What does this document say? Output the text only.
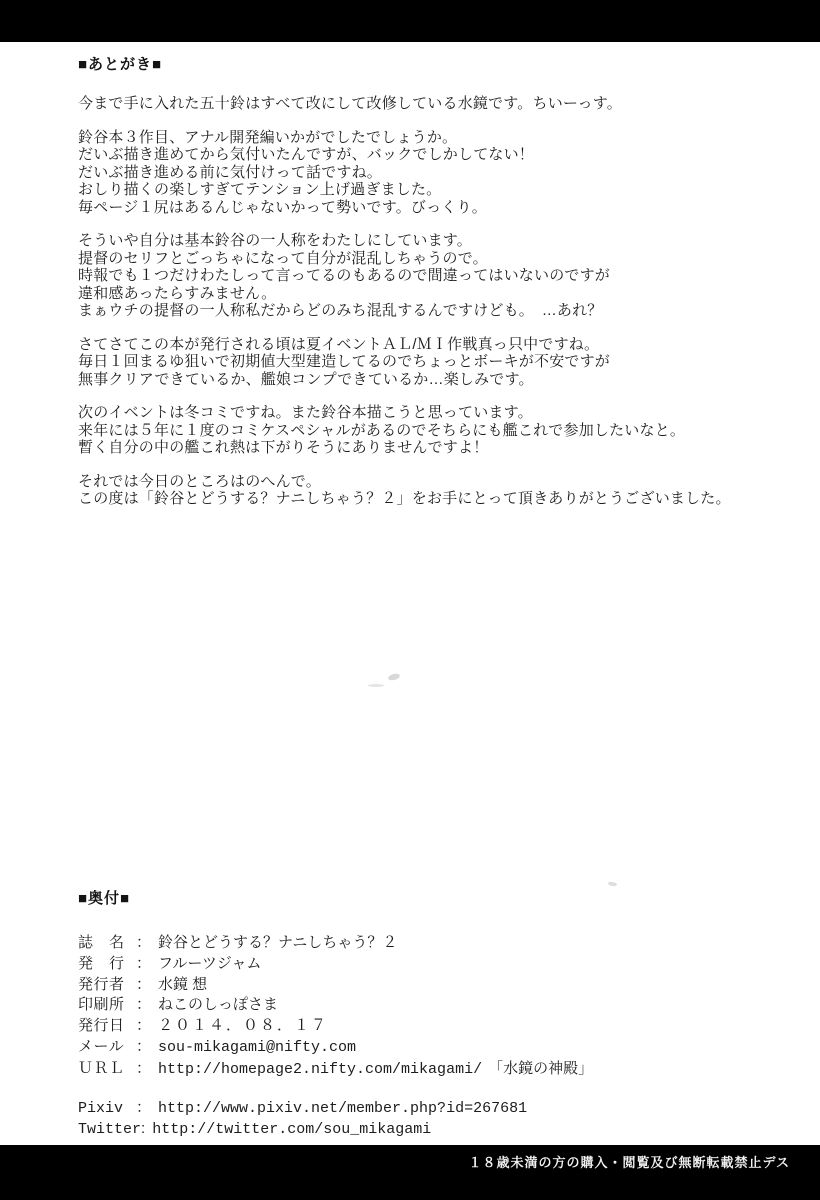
■あとがき■
今まで手に入れた五十鈴はすべて改にして改修している水鏡です。ちいーっす。
鈴谷本３作目、アナル開発編いかがでしたでしょうか。
だいぶ描き進めてから気付いたんですが、バックでしかしてない！
だいぶ描き進める前に気付けって話ですね。
おしり描くの楽しすぎてテンション上げ過ぎました。
毎ページ１尻はあるんじゃないかって勢いです。びっくり。
そういや自分は基本鈴谷の一人称をわたしにしています。
提督のセリフとごっちゃになって自分が混乱しちゃうので。
時報でも１つだけわたしって言ってるのもあるので間違ってはいないのですが
違和感あったらすみません。
まぁウチの提督の一人称私だからどのみち混乱するんですけども。　…あれ？
さてさてこの本が発行される頃は夏イベントＡＬ/ＭＩ作戦真っ只中ですね。
毎日１回まるゆ狙いで初期値大型建造してるのでちょっとボーキが不安ですが
無事クリアできているか、艦娘コンプできているか…楽しみです。
次のイベントは冬コミですね。また鈴谷本描こうと思っています。
来年には５年に１度のコミケスペシャルがあるのでそちらにも艦これで参加したいなと。
暫く自分の中の艦これ熱は下がりそうにありませんですよ！
それでは今日のところはのへんで。
この度は「鈴谷とどうする？ナニしちゃう？２」をお手にとって頂きありがとうございました。
■奥付■
誌　名 ： 鈴谷とどうする？ナニしちゃう？２
発　行 ： フルーツジャム
発行者 ： 水鏡 想
印刷所 ： ねこのしっぽさま
発行日 ： ２０１４．０８．１７
メール ： sou-mikagami@nifty.com
ＵＲＬ ： http://homepage2.nifty.com/mikagami/ 「水鏡の神殿」
Pixiv ： http://www.pixiv.net/member.php?id=267681
Twitter: http://twitter.com/sou_mikagami
１８歳未満の方の購入・閲覧及び無断転載禁止デス
